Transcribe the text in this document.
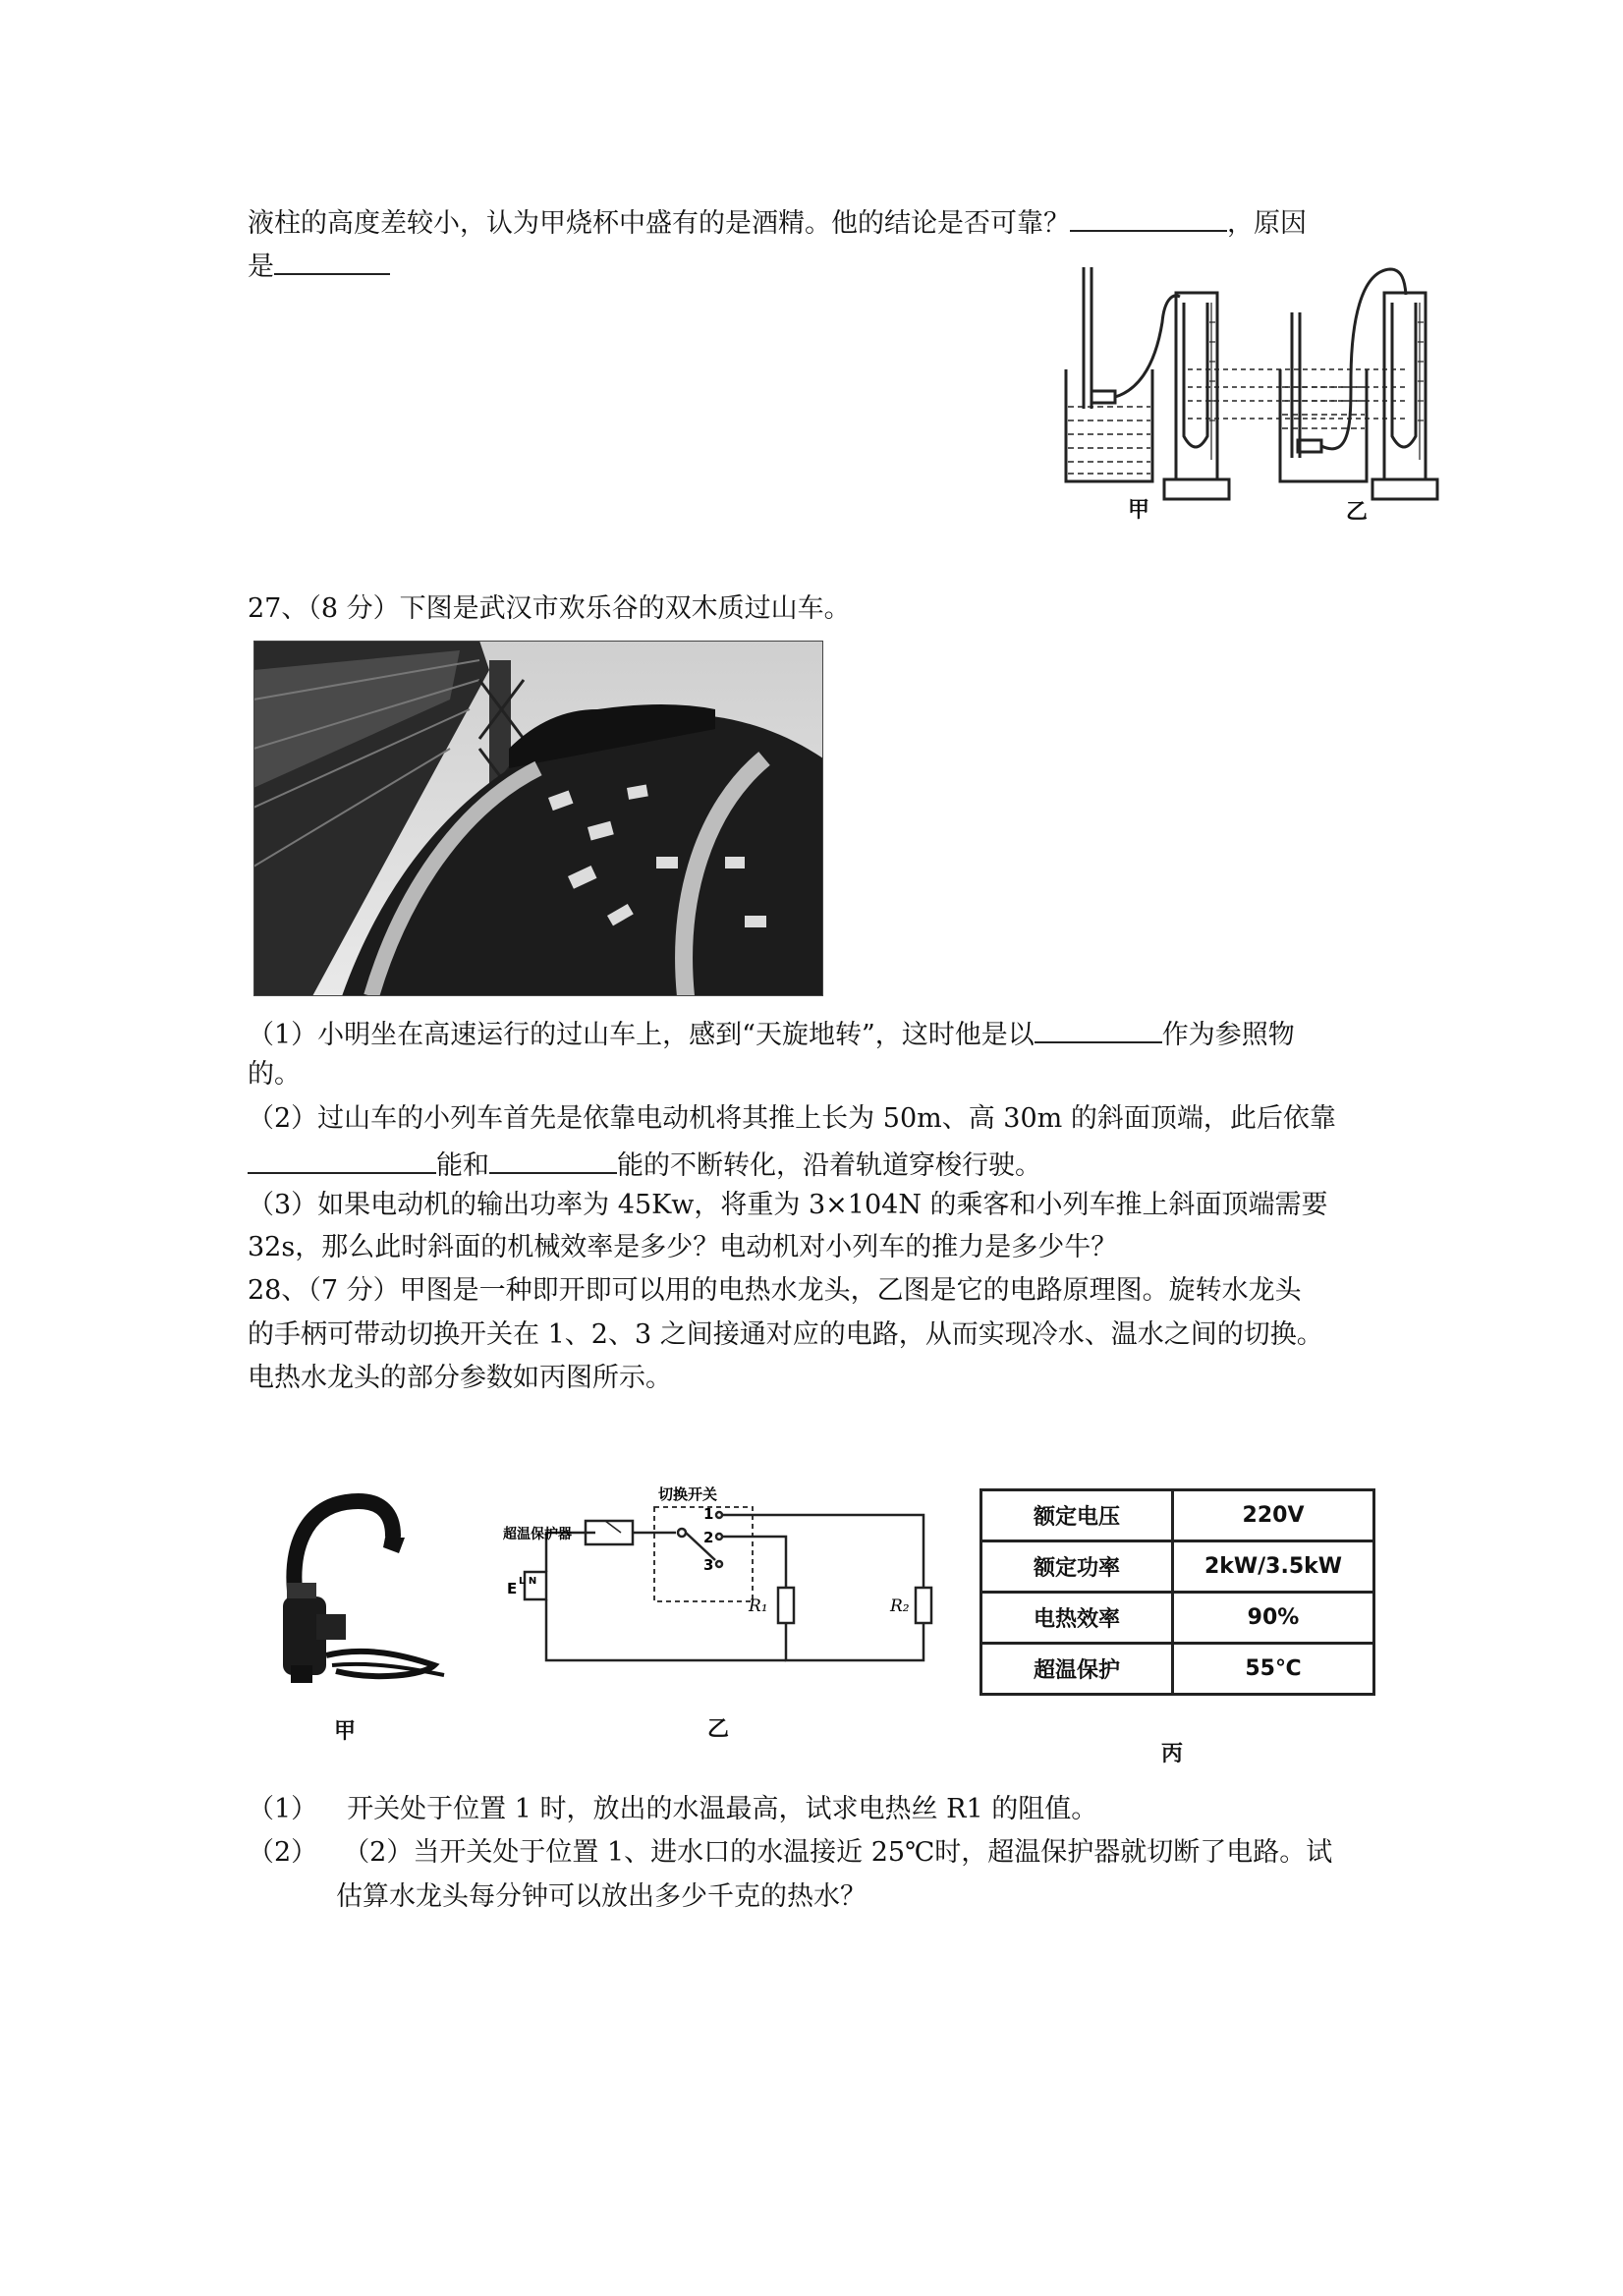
液柱的高度差较小，认为甲烧杯中盛有的是酒精。他的结论是否可靠？	，原因
是
甲	乙
27、（8 分）下图是武汉市欢乐谷的双木质过山车。
（1）小明坐在高速运行的过山车上，感到“天旋地转”，这时他是以	作为参照物
的。
（2）过山车的小列车首先是依靠电动机将其推上长为 50m、高 30m 的斜面顶端，此后依靠
能和	能的不断转化，沿着轨道穿梭行驶。
（3）如果电动机的输出功率为 45Kw，将重为 3×104N 的乘客和小列车推上斜面顶端需要
32s，那么此时斜面的机械效率是多少？电动机对小列车的推力是多少牛？
28、（7 分）甲图是一种即开即可以用的电热水龙头，乙图是它的电路原理图。旋转水龙头
的手柄可带动切换开关在 1、2、3 之间接通对应的电路，从而实现冷水、温水之间的切换。
电热水龙头的部分参数如丙图所示。
甲
切换开关
超温保护器
1
2
3
R₁	R₂
E L N
乙
额定电压	220V
额定功率	2kW/3.5kW
电热效率	90%
超温保护	55℃
丙
（1） 开关处于位置 1 时，放出的水温最高，试求电热丝 R1 的阻值。
（2） （2）当开关处于位置 1、进水口的水温接近 25℃时，超温保护器就切断了电路。试
估算水龙头每分钟可以放出多少千克的热水？
